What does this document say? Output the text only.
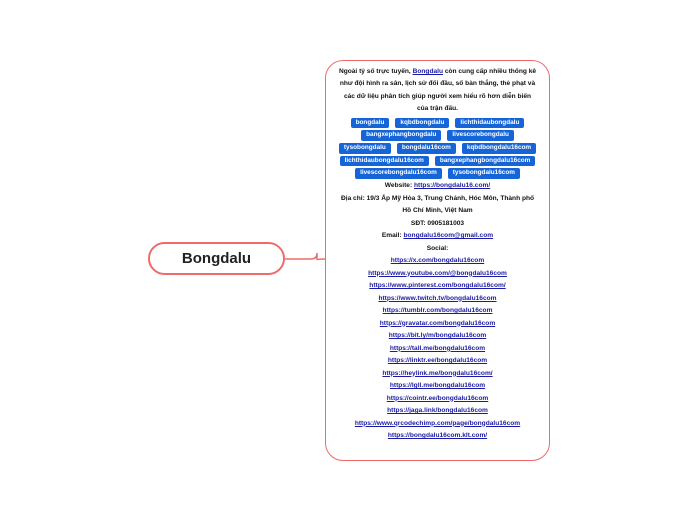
Bongdalu

Ngoài tỷ số trực tuyến, Bongdalu còn cung cấp nhiều thống kê như đội hình ra sân, lịch sử đối đầu, số bàn thắng, thẻ phạt và các dữ liệu phân tích giúp người xem hiểu rõ hơn diễn biến của trận đấu.

bongdalu	kqbdbongdalu	lichthidaubongdalu
bangxephangbongdalu	livescorebongdalu
tysobongdalu	bongdalu16com	kqbdbongdalu16com
lichthidaubongdalu16com	bangxephangbongdalu16com
livescorebongdalu16com	tysobongdalu16com

Website: https://bongdalu16.com/

Địa chỉ: 19/3 Ấp Mỹ Hòa 3, Trung Chánh, Hóc Môn, Thành phố Hồ Chí Minh, Việt Nam

SĐT: 0905181003

Email: bongdalu16com@gmail.com

Social:

https://x.com/bongdalu16com

https://www.youtube.com/@bongdalu16com

https://www.pinterest.com/bongdalu16com/

https://www.twitch.tv/bongdalu16com

https://tumblr.com/bongdalu16com

https://gravatar.com/bongdalu16com

https://bit.ly/m/bongdalu16com

https://tall.me/bongdalu16com

https://linktr.ee/bongdalu16com

https://heylink.me/bongdalu16com/

https://lgll.me/bongdalu16com

https://cointr.ee/bongdalu16com

https://jaga.link/bongdalu16com

https://www.qrcodechimp.com/page/bongdalu16com

https://bongdalu16com.klt.com/
